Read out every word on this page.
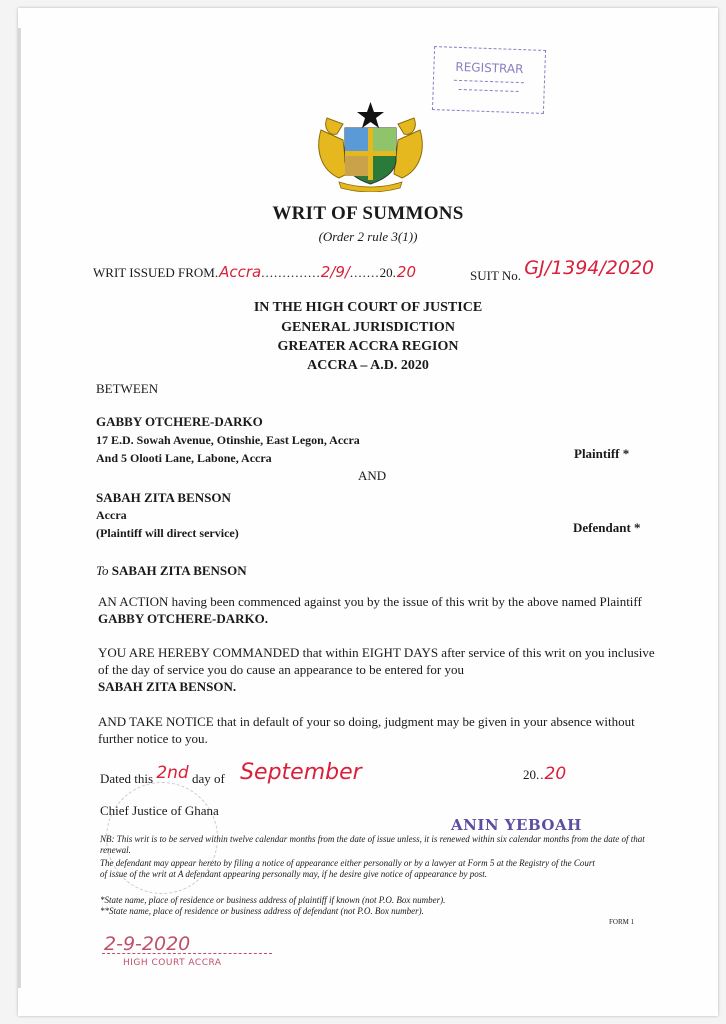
REGISTRAR
WRIT OF SUMMONS
(Order 2 rule 3(1))
WRIT ISSUED FROM.Accra..............2/9/.......20.20	SUIT No. GJ/1394/2020
IN THE HIGH COURT OF JUSTICE
GENERAL JURISDICTION
GREATER ACCRA REGION
ACCRA – A.D. 2020
BETWEEN
GABBY OTCHERE-DARKO
17 E.D. Sowah Avenue, Otinshie, East Legon, Accra
And 5 Olooti Lane, Labone, Accra	Plaintiff *
AND
SABAH ZITA BENSON
Accra
(Plaintiff will direct service)	Defendant *
To SABAH ZITA BENSON
AN ACTION having been commenced against you by the issue of this writ by the above named Plaintiff GABBY OTCHERE-DARKO.
YOU ARE HEREBY COMMANDED that within EIGHT DAYS after service of this writ on you inclusive of the day of service you do cause an appearance to be entered for you
SABAH ZITA BENSON.
AND TAKE NOTICE that in default of your so doing, judgment may be given in your absence without further notice to you.
Dated this 2nd day of September	20..20
Chief Justice of Ghana
ANIN YEBOAH
NB: This writ is to be served within twelve calendar months from the date of issue unless, it is renewed within six calendar months from the date of that renewal.
The defendant may appear hereto by filing a notice of appearance either personally or by a lawyer at Form 5 at the Registry of the Court of issue of the writ at A defendant appearing personally may, if he desire give notice of appearance by post.
*State name, place of residence or business address of plaintiff if known (not P.O. Box number).
**State name, place of residence or business address of defendant (not P.O. Box number).
FORM 1
2-9-2020
HIGH COURT ACCRA
